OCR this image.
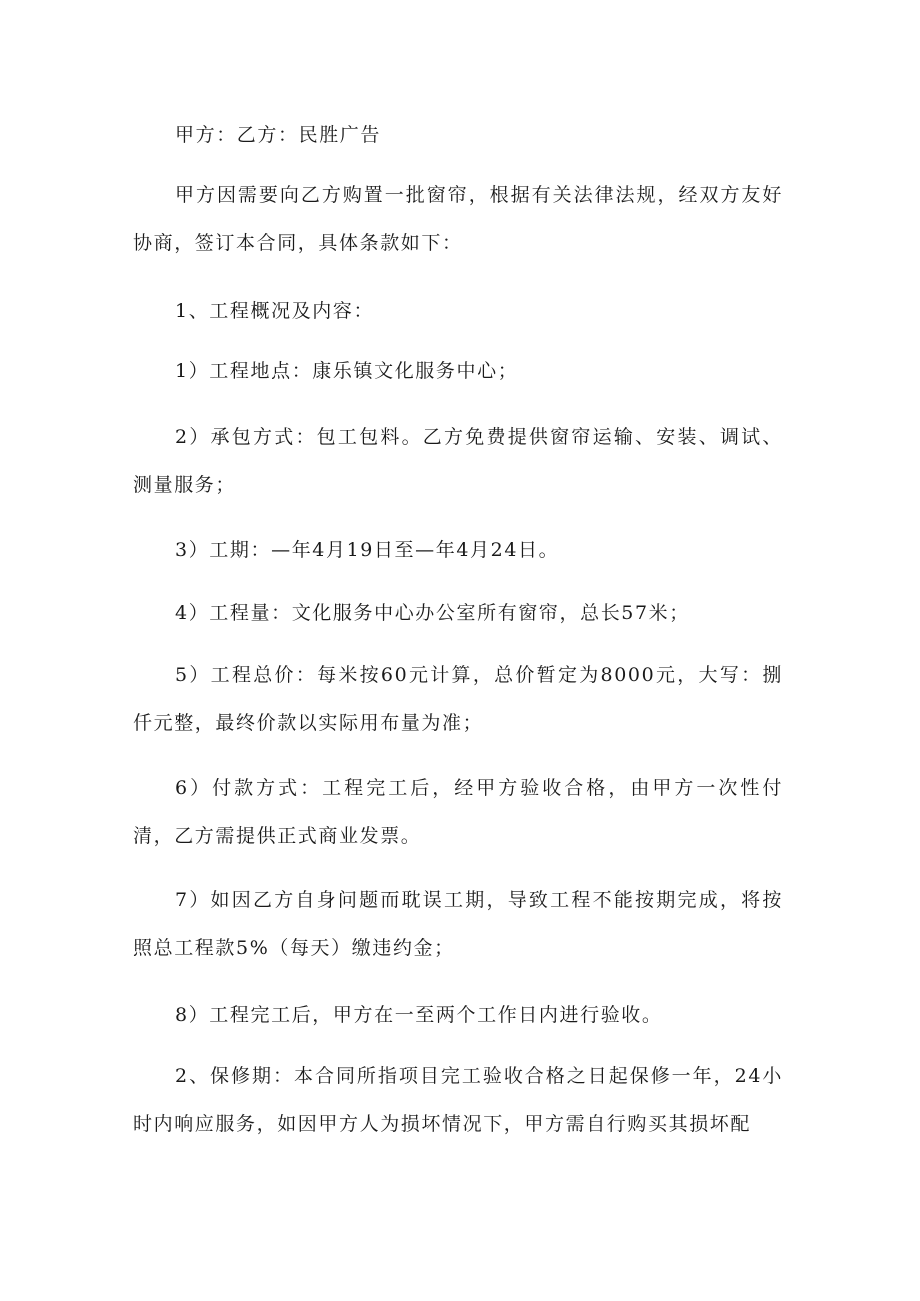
甲方：乙方：民胜广告

甲方因需要向乙方购置一批窗帘，根据有关法律法规，经双方友好协商，签订本合同，具体条款如下：

1、工程概况及内容：

1）工程地点：康乐镇文化服务中心；

2）承包方式：包工包料。乙方免费提供窗帘运输、安装、调试、测量服务；

3）工期：—年4月19日至—年4月24日。

4）工程量：文化服务中心办公室所有窗帘，总长57米；

5）工程总价：每米按60元计算，总价暂定为8000元，大写：捌仟元整，最终价款以实际用布量为准；

6）付款方式：工程完工后，经甲方验收合格，由甲方一次性付清，乙方需提供正式商业发票。

7）如因乙方自身问题而耽误工期，导致工程不能按期完成，将按照总工程款5%（每天）缴违约金；

8）工程完工后，甲方在一至两个工作日内进行验收。

2、保修期：本合同所指项目完工验收合格之日起保修一年，24小时内响应服务，如因甲方人为损坏情况下，甲方需自行购买其损坏配
